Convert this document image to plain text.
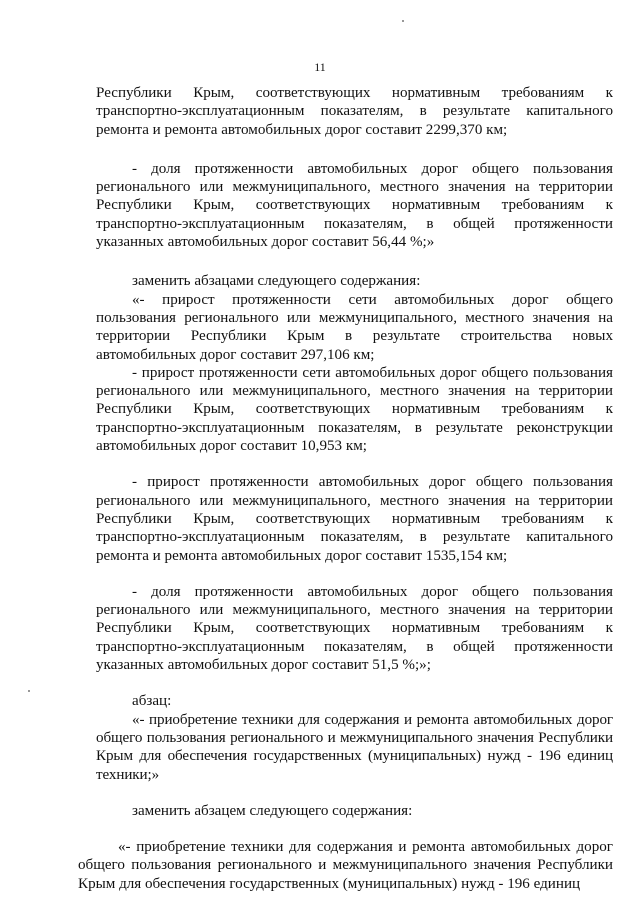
11

Республики Крым, соответствующих нормативным требованиям к транспортно-эксплуатационным показателям, в результате капитального ремонта и ремонта автомобильных дорог составит 2299,370 км;

- доля протяженности автомобильных дорог общего пользования регионального или межмуниципального, местного значения на территории Республики Крым, соответствующих нормативным требованиям к транспортно-эксплуатационным показателям, в общей протяженности указанных автомобильных дорог составит 56,44 %;»

заменить абзацами следующего содержания:

«- прирост протяженности сети автомобильных дорог общего пользования регионального или межмуниципального, местного значения на территории Республики Крым в результате строительства новых автомобильных дорог составит 297,106 км;

- прирост протяженности сети автомобильных дорог общего пользования регионального или межмуниципального, местного значения на территории Республики Крым, соответствующих нормативным требованиям к транспортно-эксплуатационным показателям, в результате реконструкции автомобильных дорог составит 10,953 км;

- прирост протяженности автомобильных дорог общего пользования регионального или межмуниципального, местного значения на территории Республики Крым, соответствующих нормативным требованиям к транспортно-эксплуатационным показателям, в результате капитального ремонта и ремонта автомобильных дорог составит 1535,154 км;

- доля протяженности автомобильных дорог общего пользования регионального или межмуниципального, местного значения на территории Республики Крым, соответствующих нормативным требованиям к транспортно-эксплуатационным показателям, в общей протяженности указанных автомобильных дорог составит 51,5 %;»;

абзац:

«- приобретение техники для содержания и ремонта автомобильных дорог общего пользования регионального и межмуниципального значения Республики Крым для обеспечения государственных (муниципальных) нужд - 196 единиц техники;»

заменить абзацем следующего содержания:

«- приобретение техники для содержания и ремонта автомобильных дорог общего пользования регионального и межмуниципального значения Республики Крым для обеспечения государственных (муниципальных) нужд - 196 единиц
